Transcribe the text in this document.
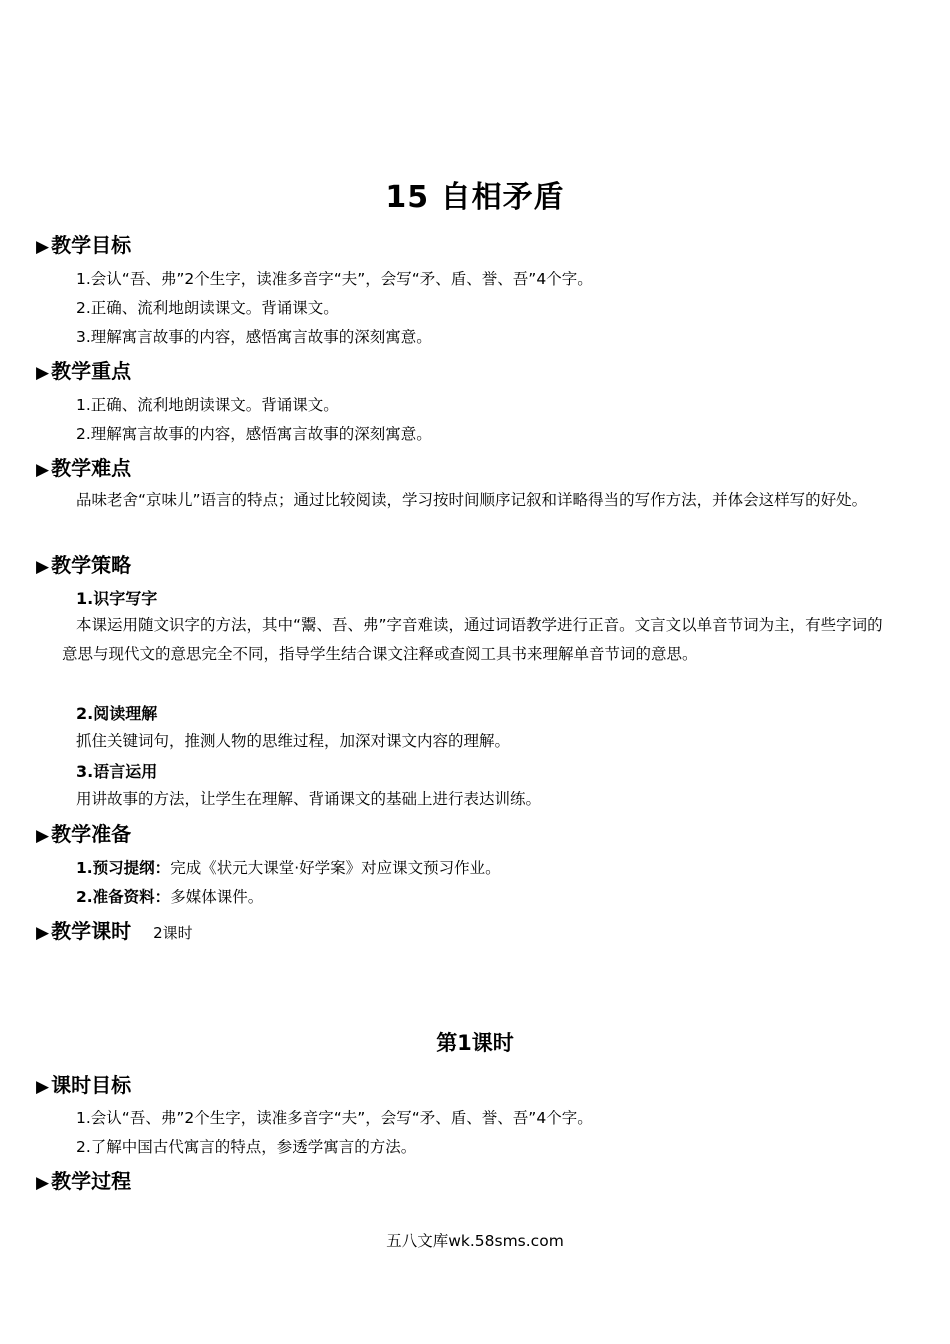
15 自相矛盾
▶ 教学目标
1.会认“吾、弗”2个生字，读准多音字“夫”，会写“矛、盾、誉、吾”4个字。
2.正确、流利地朗读课文。背诵课文。
3.理解寓言故事的内容，感悟寓言故事的深刻寓意。
▶ 教学重点
1.正确、流利地朗读课文。背诵课文。
2.理解寓言故事的内容，感悟寓言故事的深刻寓意。
▶ 教学难点
品味老舍“京味儿”语言的特点；通过比较阅读，学习按时间顺序记叙和详略得当的写作方法，并体会这样写的好处。
▶ 教学策略
1.识字写字
本课运用随文识字的方法，其中“鬻、吾、弗”字音难读，通过词语教学进行正音。文言文以单音节词为主，有些字词的意思与现代文的意思完全不同，指导学生结合课文注释或查阅工具书来理解单音节词的意思。
2.阅读理解
抓住关键词句，推测人物的思维过程，加深对课文内容的理解。
3.语言运用
用讲故事的方法，让学生在理解、背诵课文的基础上进行表达训练。
▶ 教学准备
1.预习提纲：完成《状元大课堂·好学案》对应课文预习作业。
2.准备资料：多媒体课件。
▶ 教学课时 2课时
第1课时
▶ 课时目标
1.会认“吾、弗”2个生字，读准多音字“夫”，会写“矛、盾、誉、吾”4个字。
2.了解中国古代寓言的特点，参透学寓言的方法。
▶ 教学过程
五八文库wk.58sms.com
